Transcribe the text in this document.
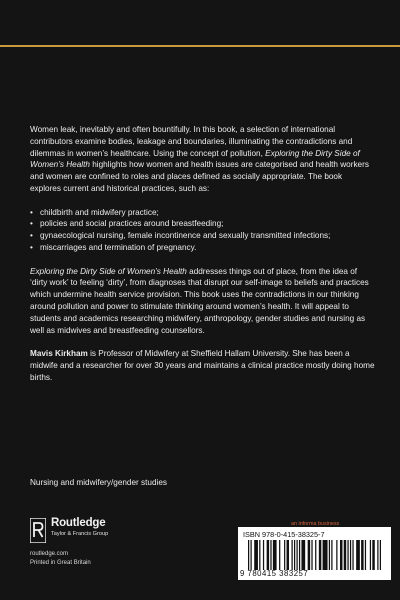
Women leak, inevitably and often bountifully. In this book, a selection of international contributors examine bodies, leakage and boundaries, illuminating the contradictions and dilemmas in women’s healthcare. Using the concept of pollution, Exploring the Dirty Side of Women’s Health highlights how women and health issues are categorised and health workers and women are confined to roles and places defined as socially appropriate. The book explores current and historical practices, such as:

• childbirth and midwifery practice;
• policies and social practices around breastfeeding;
• gynaecological nursing, female incontinence and sexually transmitted infections;
• miscarriages and termination of pregnancy.

Exploring the Dirty Side of Women’s Health addresses things out of place, from the idea of ‘dirty work’ to feeling ‘dirty’, from diagnoses that disrupt our self-image to beliefs and practices which undermine health service provision. This book uses the contradictions in our thinking around pollution and power to stimulate thinking around women’s health. It will appeal to students and academics researching midwifery, anthropology, gender studies and nursing as well as midwives and breastfeeding counsellors.

Mavis Kirkham is Professor of Midwifery at Sheffield Hallam University. She has been a midwife and a researcher for over 30 years and maintains a clinical practice mostly doing home births.

Nursing and midwifery/gender studies
Routledge
Taylor & Francis Group
routledge.com
Printed in Great Britain
an informa business
ISBN 978-0-415-38325-7
9 780415 383257
